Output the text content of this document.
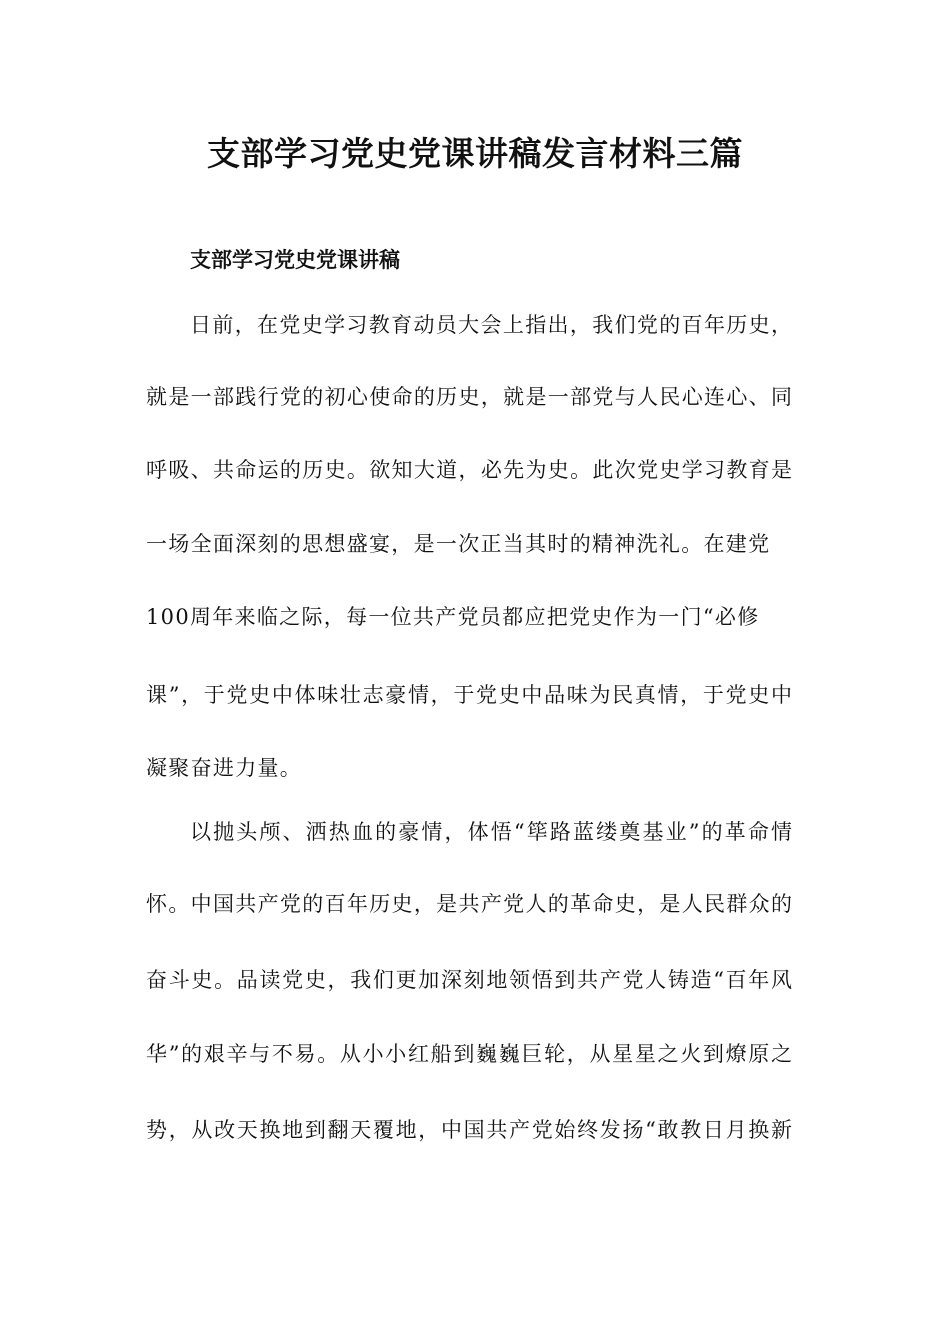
支部学习党史党课讲稿发言材料三篇
支部学习党史党课讲稿
日前，在党史学习教育动员大会上指出，我们党的百年历史，
就是一部践行党的初心使命的历史，就是一部党与人民心连心、同
呼吸、共命运的历史。欲知大道，必先为史。此次党史学习教育是
一场全面深刻的思想盛宴，是一次正当其时的精神洗礼。在建党
100周年来临之际，每一位共产党员都应把党史作为一门“必修
课”，于党史中体味壮志豪情，于党史中品味为民真情，于党史中
凝聚奋进力量。
以抛头颅、洒热血的豪情，体悟“筚路蓝缕奠基业”的革命情
怀。中国共产党的百年历史，是共产党人的革命史，是人民群众的
奋斗史。品读党史，我们更加深刻地领悟到共产党人铸造“百年风
华”的艰辛与不易。从小小红船到巍巍巨轮，从星星之火到燎原之
势，从改天换地到翻天覆地，中国共产党始终发扬“敢教日月换新
